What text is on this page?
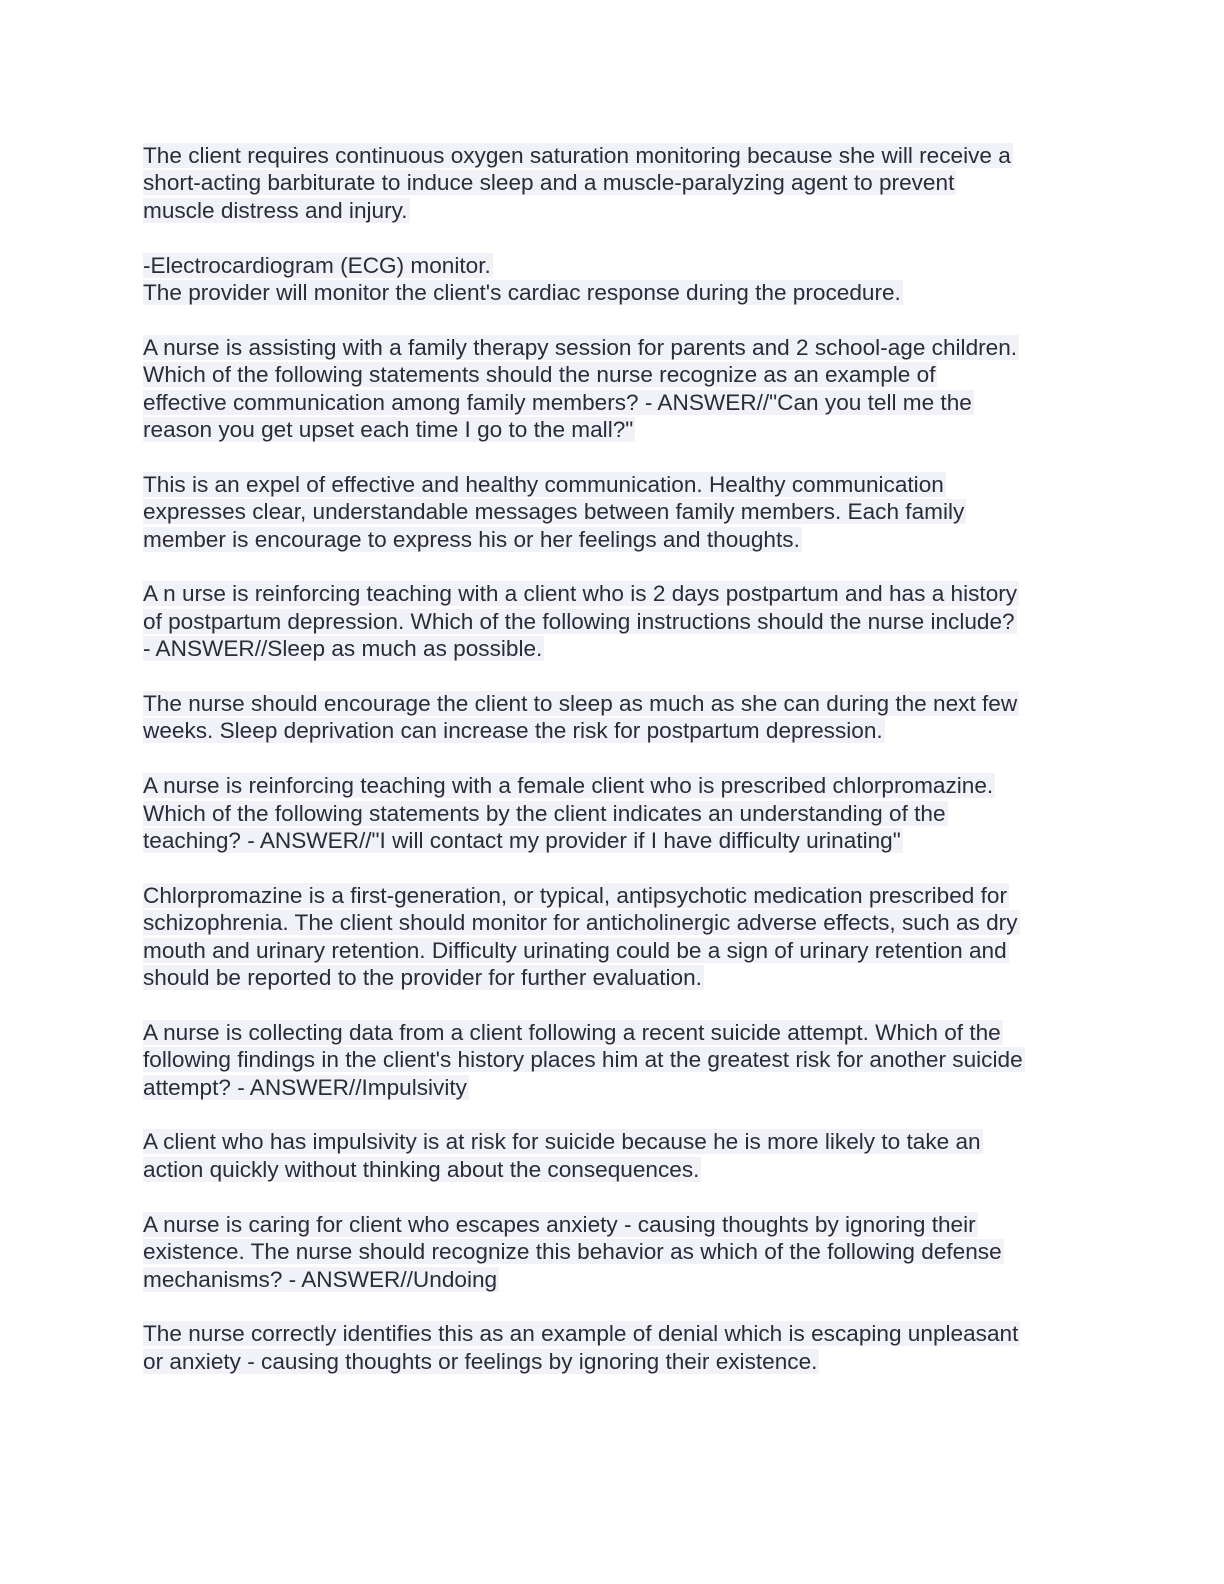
The client requires continuous oxygen saturation monitoring because she will receive a
short-acting barbiturate to induce sleep and a muscle-paralyzing agent to prevent
muscle distress and injury.
-Electrocardiogram (ECG) monitor.
The provider will monitor the client's cardiac response during the procedure.
A nurse is assisting with a family therapy session for parents and 2 school-age children.
Which of the following statements should the nurse recognize as an example of
effective communication among family members? - ANSWER//"Can you tell me the
reason you get upset each time I go to the mall?"
This is an expel of effective and healthy communication. Healthy communication
expresses clear, understandable messages between family members. Each family
member is encourage to express his or her feelings and thoughts.
A n urse is reinforcing teaching with a client who is 2 days postpartum and has a history
of postpartum depression. Which of the following instructions should the nurse include?
- ANSWER//Sleep as much as possible.
The nurse should encourage the client to sleep as much as she can during the next few
weeks. Sleep deprivation can increase the risk for postpartum depression.
A nurse is reinforcing teaching with a female client who is prescribed chlorpromazine.
Which of the following statements by the client indicates an understanding of the
teaching? - ANSWER//"I will contact my provider if I have difficulty urinating"
Chlorpromazine is a first-generation, or typical, antipsychotic medication prescribed for
schizophrenia. The client should monitor for anticholinergic adverse effects, such as dry
mouth and urinary retention. Difficulty urinating could be a sign of urinary retention and
should be reported to the provider for further evaluation.
A nurse is collecting data from a client following a recent suicide attempt. Which of the
following findings in the client's history places him at the greatest risk for another suicide
attempt? - ANSWER//Impulsivity
A client who has impulsivity is at risk for suicide because he is more likely to take an
action quickly without thinking about the consequences.
A nurse is caring for client who escapes anxiety - causing thoughts by ignoring their
existence. The nurse should recognize this behavior as which of the following defense
mechanisms? - ANSWER//Undoing
The nurse correctly identifies this as an example of denial which is escaping unpleasant
or anxiety - causing thoughts or feelings by ignoring their existence.
